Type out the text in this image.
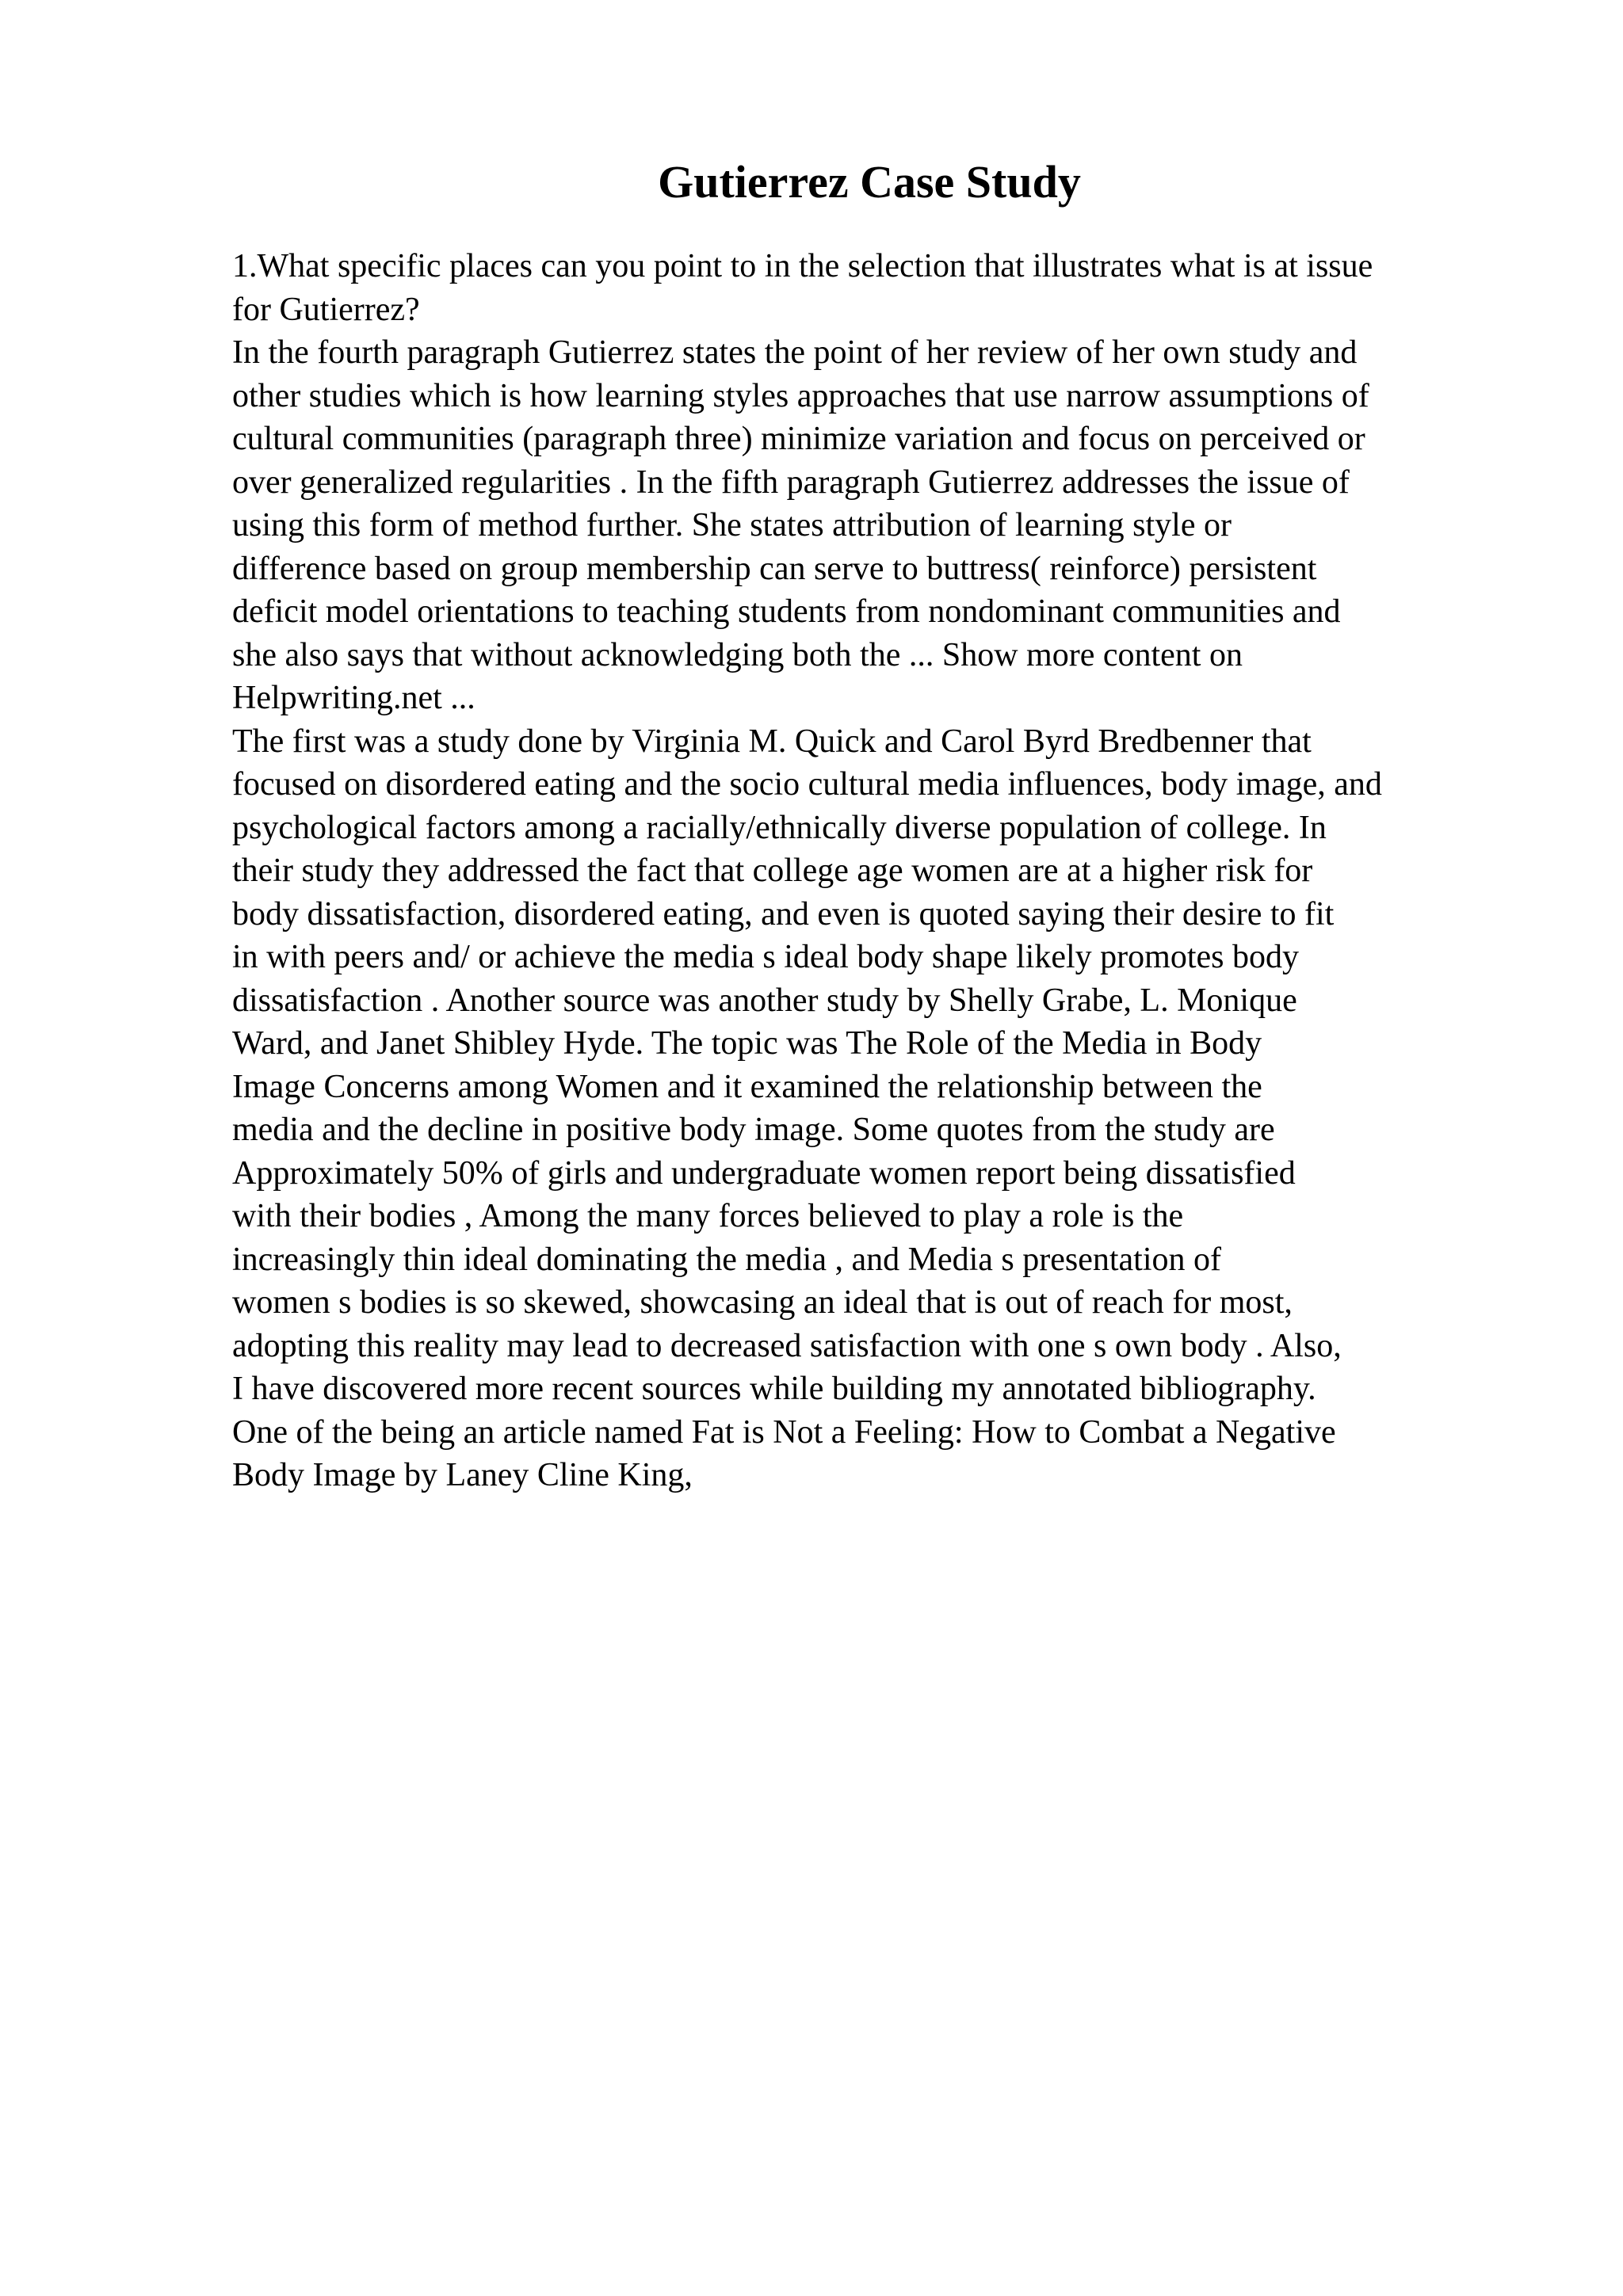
Gutierrez Case Study
1.What specific places can you point to in the selection that illustrates what is at issue
for Gutierrez?
In the fourth paragraph Gutierrez states the point of her review of her own study and
other studies which is how learning styles approaches that use narrow assumptions of
cultural communities (paragraph three) minimize variation and focus on perceived or
over generalized regularities . In the fifth paragraph Gutierrez addresses the issue of
using this form of method further. She states attribution of learning style or
difference based on group membership can serve to buttress( reinforce) persistent
deficit model orientations to teaching students from nondominant communities and
she also says that without acknowledging both the ... Show more content on
Helpwriting.net ...
The first was a study done by Virginia M. Quick and Carol Byrd Bredbenner that
focused on disordered eating and the socio cultural media influences, body image, and
psychological factors among a racially/ethnically diverse population of college. In
their study they addressed the fact that college age women are at a higher risk for
body dissatisfaction, disordered eating, and even is quoted saying their desire to fit
in with peers and/ or achieve the media s ideal body shape likely promotes body
dissatisfaction . Another source was another study by Shelly Grabe, L. Monique
Ward, and Janet Shibley Hyde. The topic was The Role of the Media in Body
Image Concerns among Women and it examined the relationship between the
media and the decline in positive body image. Some quotes from the study are
Approximately 50% of girls and undergraduate women report being dissatisfied
with their bodies , Among the many forces believed to play a role is the
increasingly thin ideal dominating the media , and Media s presentation of
women s bodies is so skewed, showcasing an ideal that is out of reach for most,
adopting this reality may lead to decreased satisfaction with one s own body . Also,
I have discovered more recent sources while building my annotated bibliography.
One of the being an article named Fat is Not a Feeling: How to Combat a Negative
Body Image by Laney Cline King,
